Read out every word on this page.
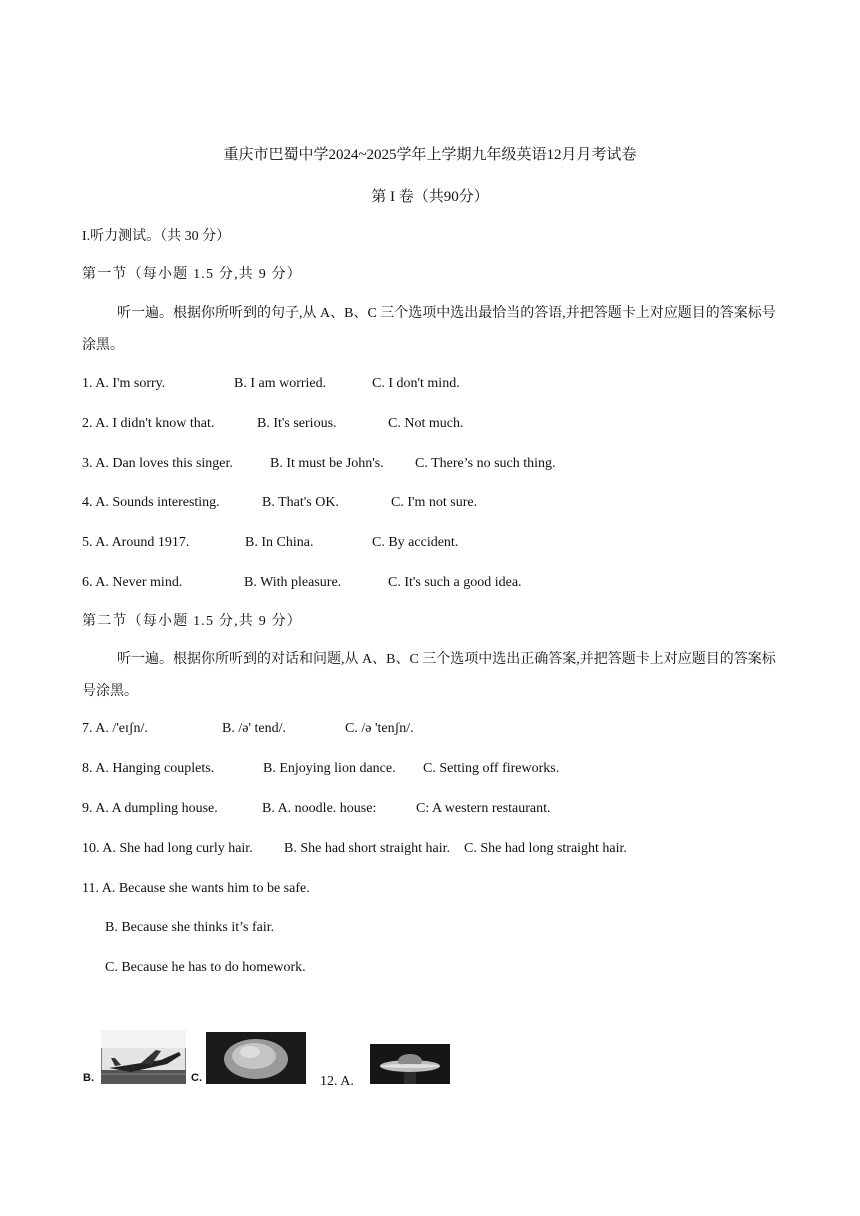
重庆市巴蜀中学2024~2025学年上学期九年级英语12月月考试卷
第 I 卷（共90分）
I.听力测试。（共 30 分）
第一节（每小题 1.5 分,共 9 分）
听一遍。根据你所听到的句子,从 A、B、C 三个选项中选出最恰当的答语,并把答题卡上对应题目的答案标号涂黑。
1. A. I'm sorry.	B. I am worried.	C. I don't mind.
2. A. I didn't know that.	B. It's serious.	C. Not much.
3. A. Dan loves this singer.	B. It must be John's. C. There’s no such thing.
4. A. Sounds interesting.	B. That's OK.	C. I'm not sure.
5. A. Around 1917.	B. In China.	C. By accident.
6. A. Never mind.	B. With pleasure.	C. It's such a good idea.
第二节（每小题 1.5 分,共 9 分）
听一遍。根据你所听到的对话和问题,从 A、B、C 三个选项中选出正确答案,并把答题卡上对应题目的答案标号涂黑。
7. A. /'eɪʃn/.	B. /ə' tend/.	C. /ə 'tenʃn/.
8. A. Hanging couplets.	B. Enjoying lion dance. C. Setting off fireworks.
9. A. A dumpling house.	B. A. noodle. house:	C: A western restaurant.
10. A. She had long curly hair. B. She had short straight hair. C. She had long straight hair.
11. A. Because she wants him to be safe.
B. Because she thinks it’s fair.
C. Because he has to do homework.
B.	C.	12. A.
